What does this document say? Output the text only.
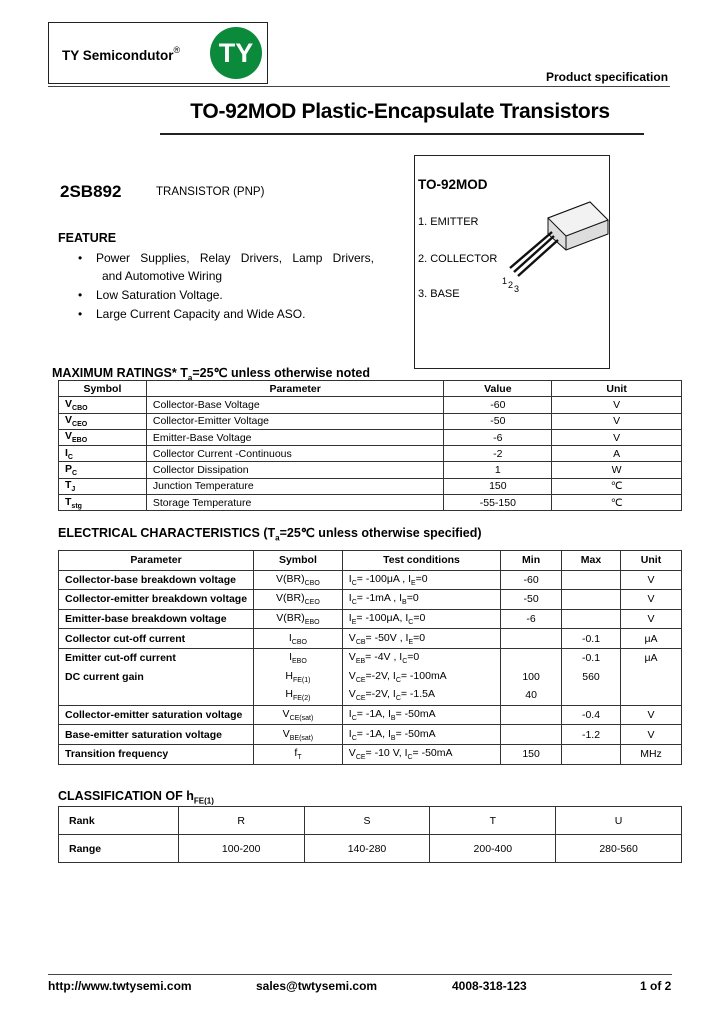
TY Semicondutor®	TY
Product specification
TO-92MOD Plastic-Encapsulate Transistors
TO-92MOD
1. EMITTER
2. COLLECTOR
3. BASE
1 2 3
2SB892	TRANSISTOR (PNP)
FEATURE
• Power Supplies, Relay Drivers, Lamp Drivers,
and Automotive Wiring
• Low Saturation Voltage.
• Large Current Capacity and Wide ASO.
MAXIMUM RATINGS* $T_a=25℃$ unless otherwise noted
Symbol	Parameter	Value	Unit
$V_{CBO}$	Collector-Base Voltage	-60	V
$V_{CEO}$	Collector-Emitter Voltage	-50	V
$V_{EBO}$	Emitter-Base Voltage	-6	V
$I_C$	Collector Current -Continuous	-2	A
$P_C$	Collector Dissipation	1	W
$T_J$	Junction Temperature	150	℃
$T_{stg}$	Storage Temperature	-55-150	℃
ELECTRICAL CHARACTERISTICS ($T_a=25℃$ unless otherwise specified)
Parameter	Symbol	Test conditions	Min	Max	Unit
Collector-base breakdown voltage	$V(BR)_{CBO}$	$I_C= -100\mu A$ , $I_E=0$	-60		V
Collector-emitter breakdown voltage	$V(BR)_{CEO}$	$I_C= -1mA$ , $I_B=0$	-50		V
Emitter-base breakdown voltage	$V(BR)_{EBO}$	$I_E= -100\mu A$, $I_C=0$	-6		V
Collector cut-off current	$I_{CBO}$	$V_{CB}= -50V$ , $I_E=0$		-0.1	μA
Emitter cut-off current	$I_{EBO}$	$V_{EB}= -4V$ , $I_C=0$		-0.1	μA
DC current gain	$H_{FE(1)}$	$V_{CE}=-2V$, $I_C= -100mA$	100	560	
	$H_{FE(2)}$	$V_{CE}=-2V$, $I_C= -1.5A$	40		
Collector-emitter saturation voltage	$V_{CE(sat)}$	$I_C= -1A$, $I_B= -50mA$		-0.4	V
Base-emitter saturation voltage	$V_{BE(sat)}$	$I_C= -1A$, $I_B= -50mA$		-1.2	V
Transition frequency	$f_T$	$V_{CE}= -10$ V, $I_C= -50mA$	150		MHz
CLASSIFICATION OF $h_{FE(1)}$
Rank	R	S	T	U
Range	100-200	140-280	200-400	280-560
http://www.twtysemi.com	sales@twtysemi.com	4008-318-123	1 of 2
